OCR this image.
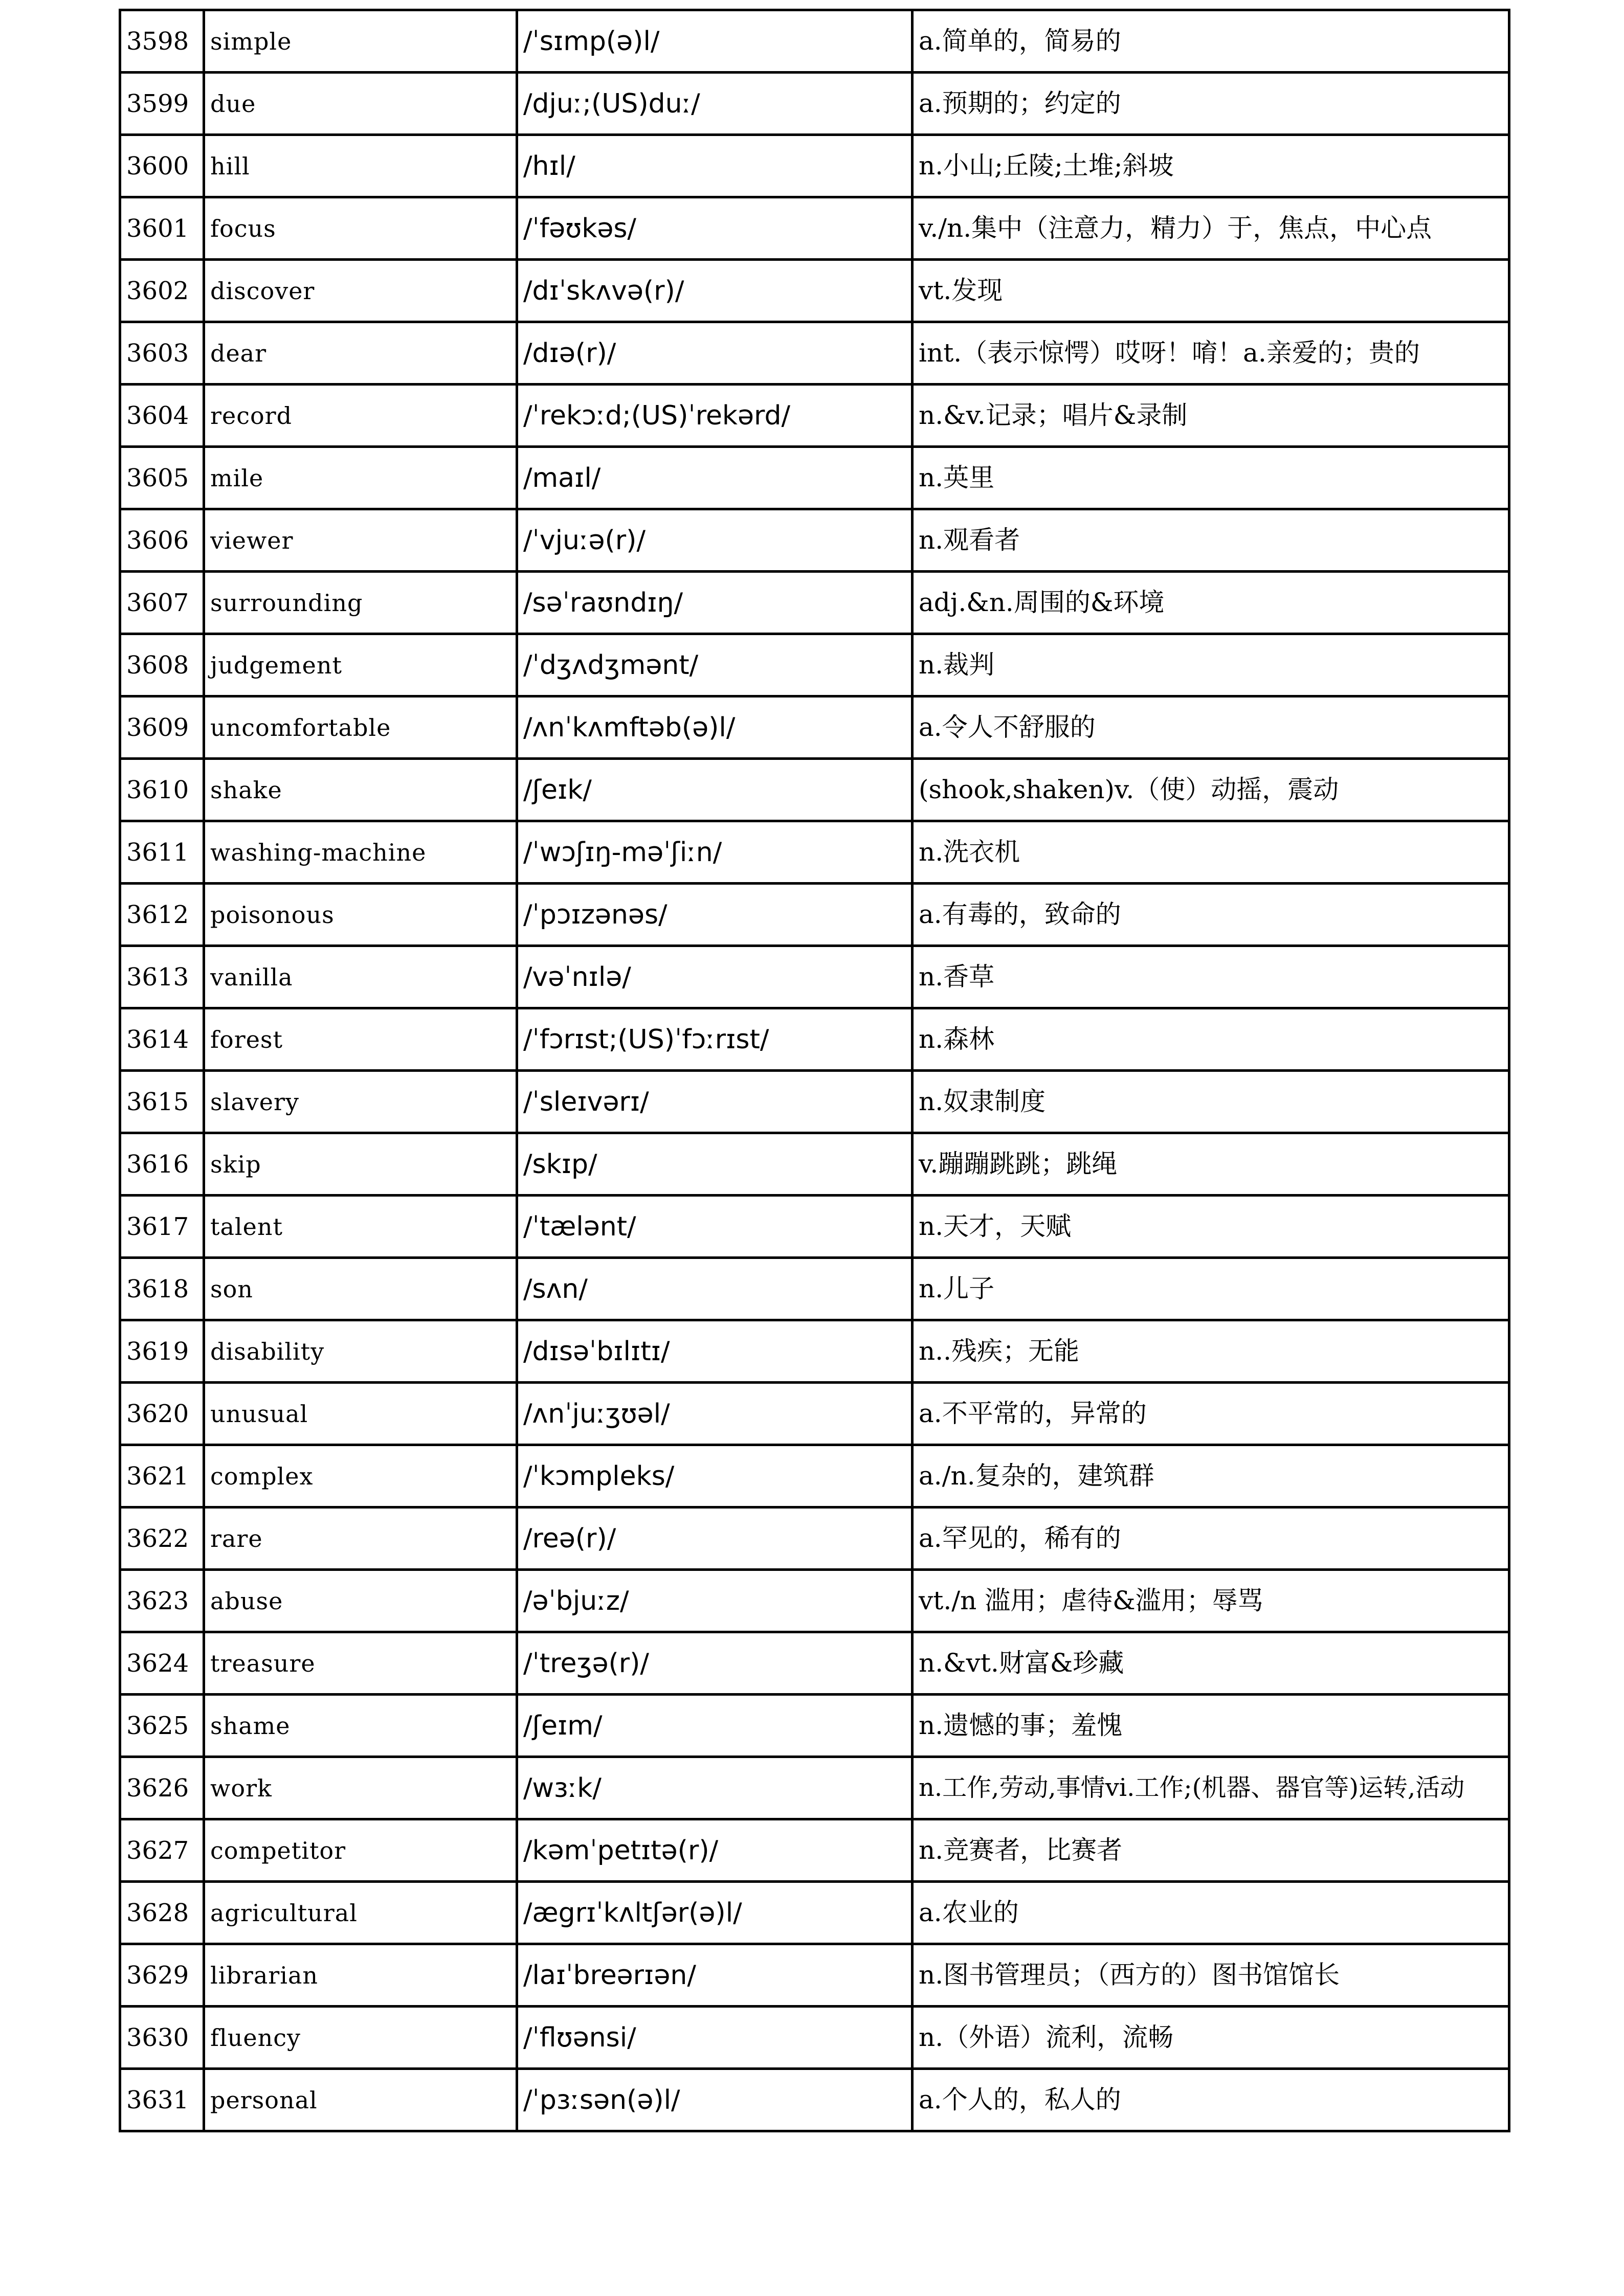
3598	simple	/ˈsɪmp(ə)l/	a.简单的，简易的
3599	due	/djuː;(US)duː/	a.预期的；约定的
3600	hill	/hɪl/	n.小山;丘陵;土堆;斜坡
3601	focus	/ˈfəʊkəs/	v./n.集中（注意力，精力）于，焦点，中心点
3602	discover	/dɪˈskʌvə(r)/	vt.发现
3603	dear	/dɪə(r)/	int.（表示惊愕）哎呀！唷！a.亲爱的；贵的
3604	record	/ˈrekɔːd;(US)ˈrekərd/	n.&v.记录；唱片&录制
3605	mile	/maɪl/	n.英里
3606	viewer	/ˈvjuːə(r)/	n.观看者
3607	surrounding	/səˈraʊndɪŋ/	adj.&n.周围的&环境
3608	judgement	/ˈdʒʌdʒmənt/	n.裁判
3609	uncomfortable	/ʌnˈkʌmftəb(ə)l/	a.令人不舒服的
3610	shake	/ʃeɪk/	(shook,shaken)v.（使）动摇，震动
3611	washing-machine	/ˈwɔʃɪŋ-məˈʃiːn/	n.洗衣机
3612	poisonous	/ˈpɔɪzənəs/	a.有毒的，致命的
3613	vanilla	/vəˈnɪlə/	n.香草
3614	forest	/ˈfɔrɪst;(US)ˈfɔːrɪst/	n.森林
3615	slavery	/ˈsleɪvərɪ/	n.奴隶制度
3616	skip	/skɪp/	v.蹦蹦跳跳；跳绳
3617	talent	/ˈtælənt/	n.天才，天赋
3618	son	/sʌn/	n.儿子
3619	disability	/dɪsəˈbɪlɪtɪ/	n..残疾；无能
3620	unusual	/ʌnˈjuːʒʊəl/	a.不平常的，异常的
3621	complex	/ˈkɔmpleks/	a./n.复杂的，建筑群
3622	rare	/reə(r)/	a.罕见的，稀有的
3623	abuse	/əˈbjuːz/	vt./n 滥用；虐待&滥用；辱骂
3624	treasure	/ˈtreʒə(r)/	n.&vt.财富&珍藏
3625	shame	/ʃeɪm/	n.遗憾的事；羞愧
3626	work	/wɜːk/	n.工作,劳动,事情vi.工作;(机器、器官等)运转,活动
3627	competitor	/kəmˈpetɪtə(r)/	n.竞赛者，比赛者
3628	agricultural	/ægrɪˈkʌltʃər(ə)l/	a.农业的
3629	librarian	/laɪˈbreərɪən/	n.图书管理员；（西方的）图书馆馆长
3630	fluency	/ˈflʊənsi/	n.（外语）流利，流畅
3631	personal	/ˈpɜːsən(ə)l/	a.个人的，私人的
